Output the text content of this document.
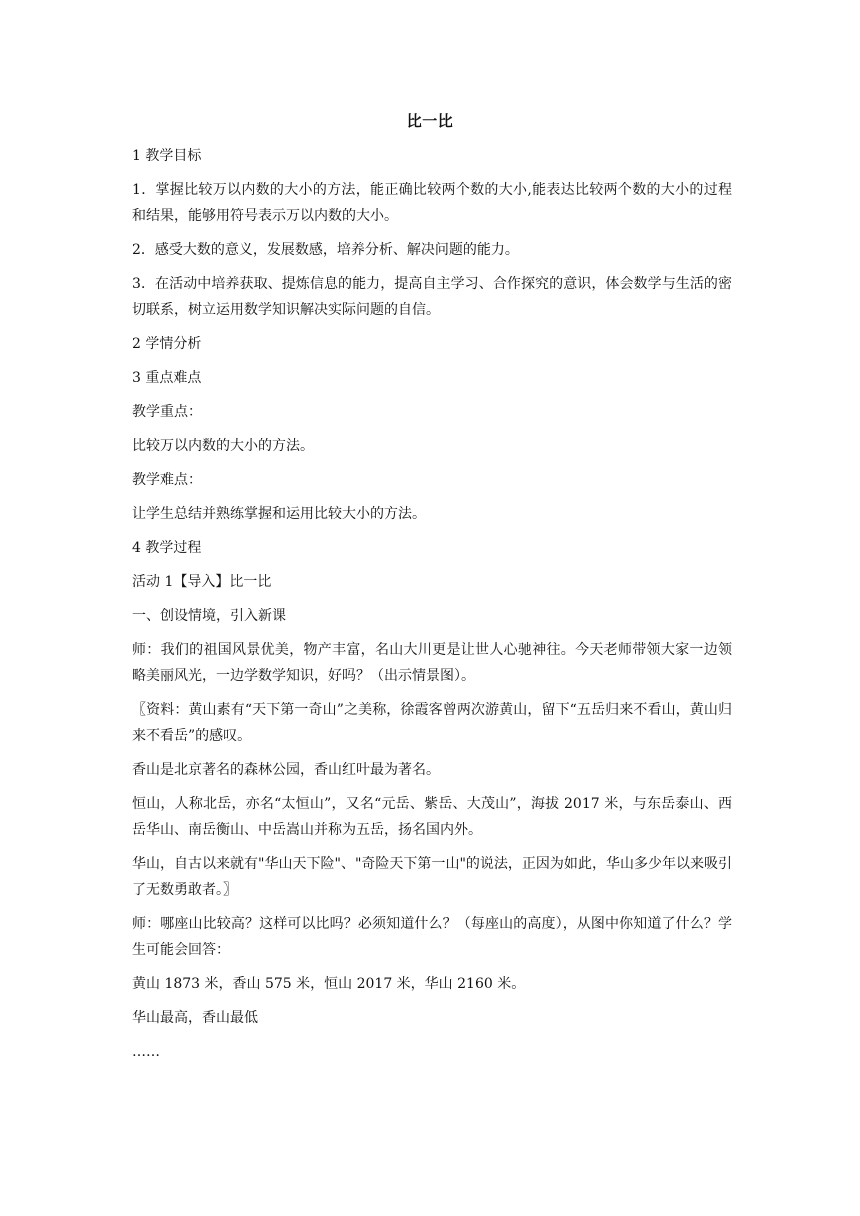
比一比

1 教学目标

1．掌握比较万以内数的大小的方法，能正确比较两个数的大小,能表达比较两个数的大小的过程和结果，能够用符号表示万以内数的大小。

2．感受大数的意义，发展数感，培养分析、解决问题的能力。

3．在活动中培养获取、提炼信息的能力，提高自主学习、合作探究的意识，体会数学与生活的密切联系，树立运用数学知识解决实际问题的自信。

2 学情分析

3 重点难点

教学重点：

比较万以内数的大小的方法。

教学难点：

让学生总结并熟练掌握和运用比较大小的方法。

4 教学过程

活动 1【导入】比一比

一、创设情境，引入新课

师：我们的祖国风景优美，物产丰富，名山大川更是让世人心驰神往。今天老师带领大家一边领略美丽风光，一边学数学知识，好吗？（出示情景图）。

〖资料：黄山素有“天下第一奇山”之美称，徐霞客曾两次游黄山，留下“五岳归来不看山，黄山归来不看岳”的感叹。

香山是北京著名的森林公园，香山红叶最为著名。

恒山，人称北岳，亦名“太恒山”，又名“元岳、紫岳、大茂山”，海拔 2017 米，与东岳泰山、西岳华山、南岳衡山、中岳嵩山并称为五岳，扬名国内外。

华山，自古以来就有"华山天下险"、"奇险天下第一山"的说法，正因为如此，华山多少年以来吸引了无数勇敢者。〗

师：哪座山比较高？这样可以比吗？必须知道什么？（每座山的高度），从图中你知道了什么？学生可能会回答：

黄山 1873 米，香山 575 米，恒山 2017 米，华山 2160 米。

华山最高，香山最低

……
